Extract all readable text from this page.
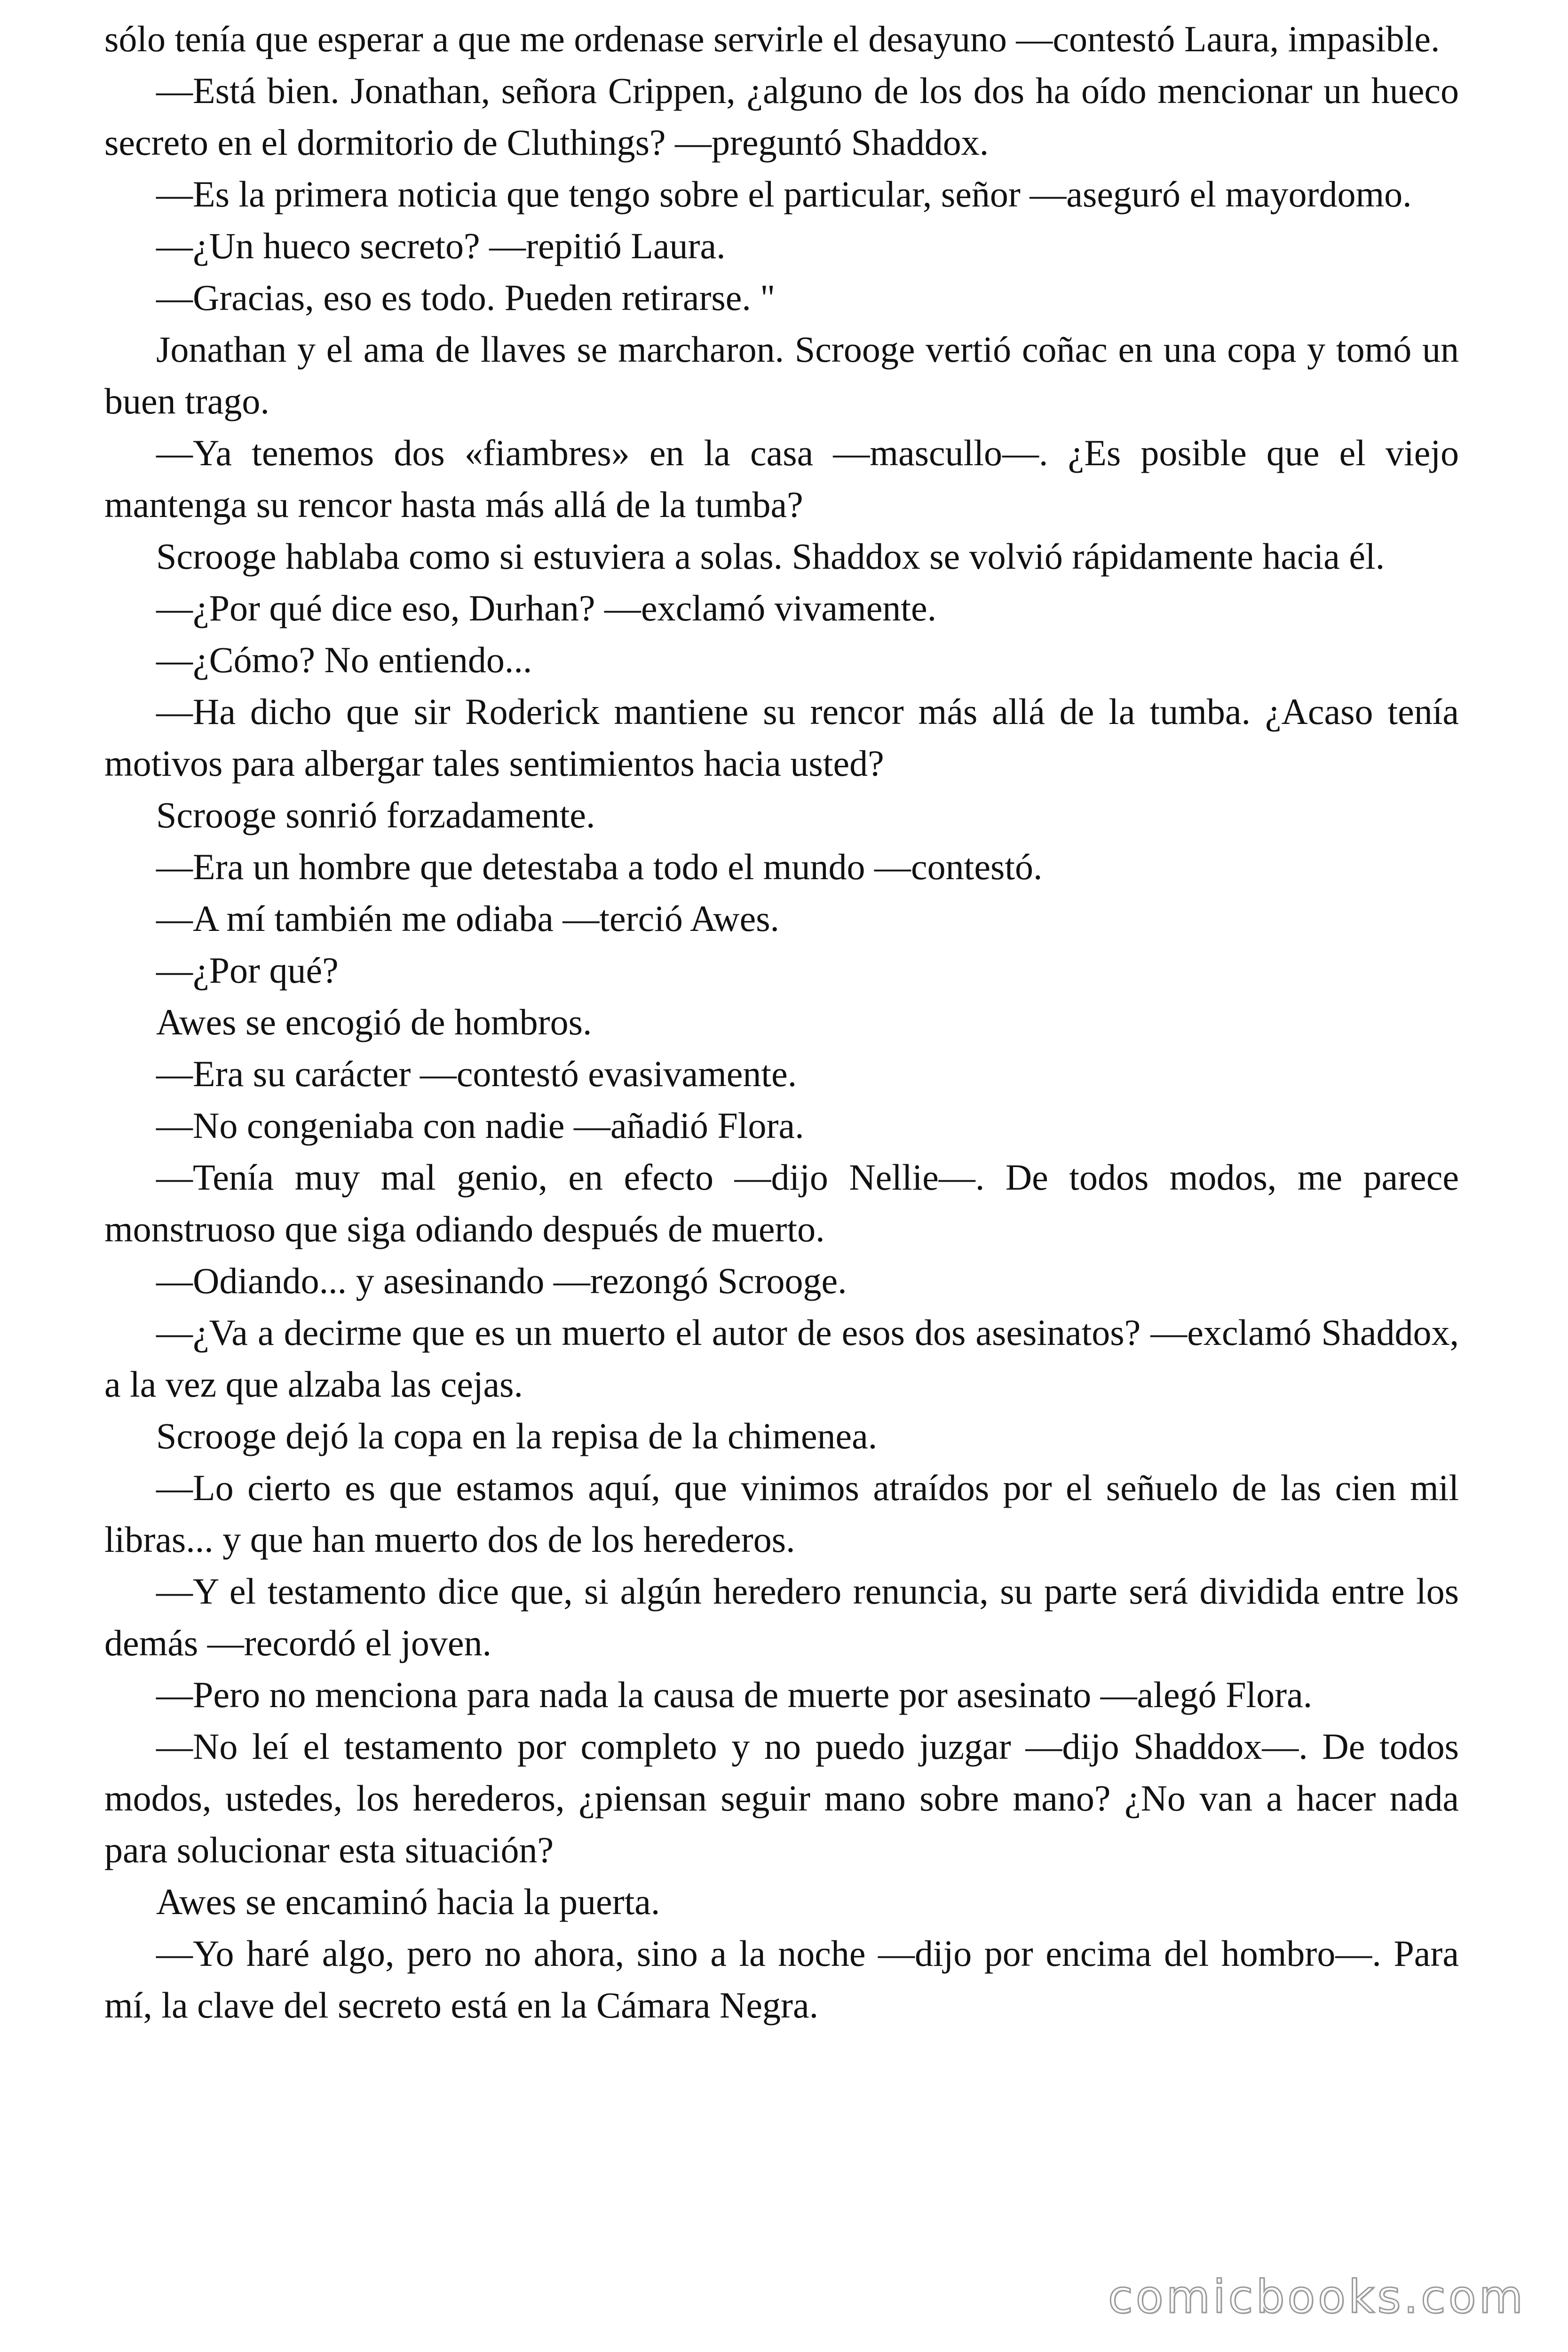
sólo tenía que esperar a que me ordenase servirle el desayuno —contestó Laura, impasible.

—Está bien. Jonathan, señora Crippen, ¿alguno de los dos ha oído mencionar un hueco secreto en el dormitorio de Cluthings? —preguntó Shaddox.

—Es la primera noticia que tengo sobre el particular, señor —aseguró el mayordomo.

—¿Un hueco secreto? —repitió Laura.

—Gracias, eso es todo. Pueden retirarse. "

Jonathan y el ama de llaves se marcharon. Scrooge vertió coñac en una copa y tomó un buen trago.

—Ya tenemos dos «fiambres» en la casa —mascullo—. ¿Es posible que el viejo mantenga su rencor hasta más allá de la tumba?

Scrooge hablaba como si estuviera a solas. Shaddox se volvió rápidamente hacia él.

—¿Por qué dice eso, Durhan? —exclamó vivamente.

—¿Cómo? No entiendo...

—Ha dicho que sir Roderick mantiene su rencor más allá de la tumba. ¿Acaso tenía motivos para albergar tales sentimientos hacia usted?

Scrooge sonrió forzadamente.

—Era un hombre que detestaba a todo el mundo —contestó.

—A mí también me odiaba —terció Awes.

—¿Por qué?

Awes se encogió de hombros.

—Era su carácter —contestó evasivamente.

—No congeniaba con nadie —añadió Flora.

—Tenía muy mal genio, en efecto —dijo Nellie—. De todos modos, me parece monstruoso que siga odiando después de muerto.

—Odiando... y asesinando —rezongó Scrooge.

—¿Va a decirme que es un muerto el autor de esos dos asesinatos? —exclamó Shaddox, a la vez que alzaba las cejas.

Scrooge dejó la copa en la repisa de la chimenea.

—Lo cierto es que estamos aquí, que vinimos atraídos por el señuelo de las cien mil libras... y que han muerto dos de los herederos.

—Y el testamento dice que, si algún heredero renuncia, su parte será dividida entre los demás —recordó el joven.

—Pero no menciona para nada la causa de muerte por asesinato —alegó Flora.

—No leí el testamento por completo y no puedo juzgar —dijo Shaddox—. De todos modos, ustedes, los herederos, ¿piensan seguir mano sobre mano? ¿No van a hacer nada para solucionar esta situación?

Awes se encaminó hacia la puerta.

—Yo haré algo, pero no ahora, sino a la noche —dijo por encima del hombro—. Para mí, la clave del secreto está en la Cámara Negra.

comicbooks.com
